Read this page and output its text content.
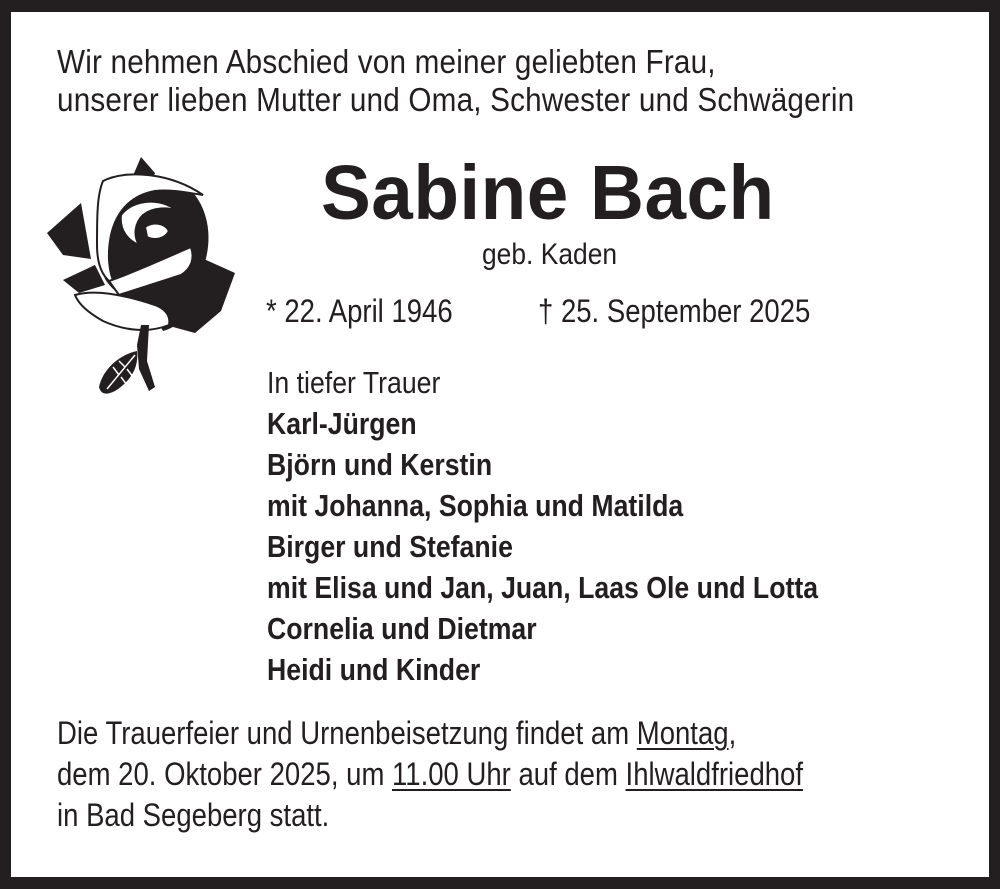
Wir nehmen Abschied von meiner geliebten Frau,
unserer lieben Mutter und Oma, Schwester und Schwägerin
Sabine Bach
geb. Kaden
* 22. April 1946	† 25. September 2025
In tiefer Trauer
Karl-Jürgen
Björn und Kerstin
mit Johanna, Sophia und Matilda
Birger und Stefanie
mit Elisa und Jan, Juan, Laas Ole und Lotta
Cornelia und Dietmar
Heidi und Kinder
Die Trauerfeier und Urnenbeisetzung findet am Montag,
dem 20. Oktober 2025, um 11.00 Uhr auf dem Ihlwaldfriedhof
in Bad Segeberg statt.
